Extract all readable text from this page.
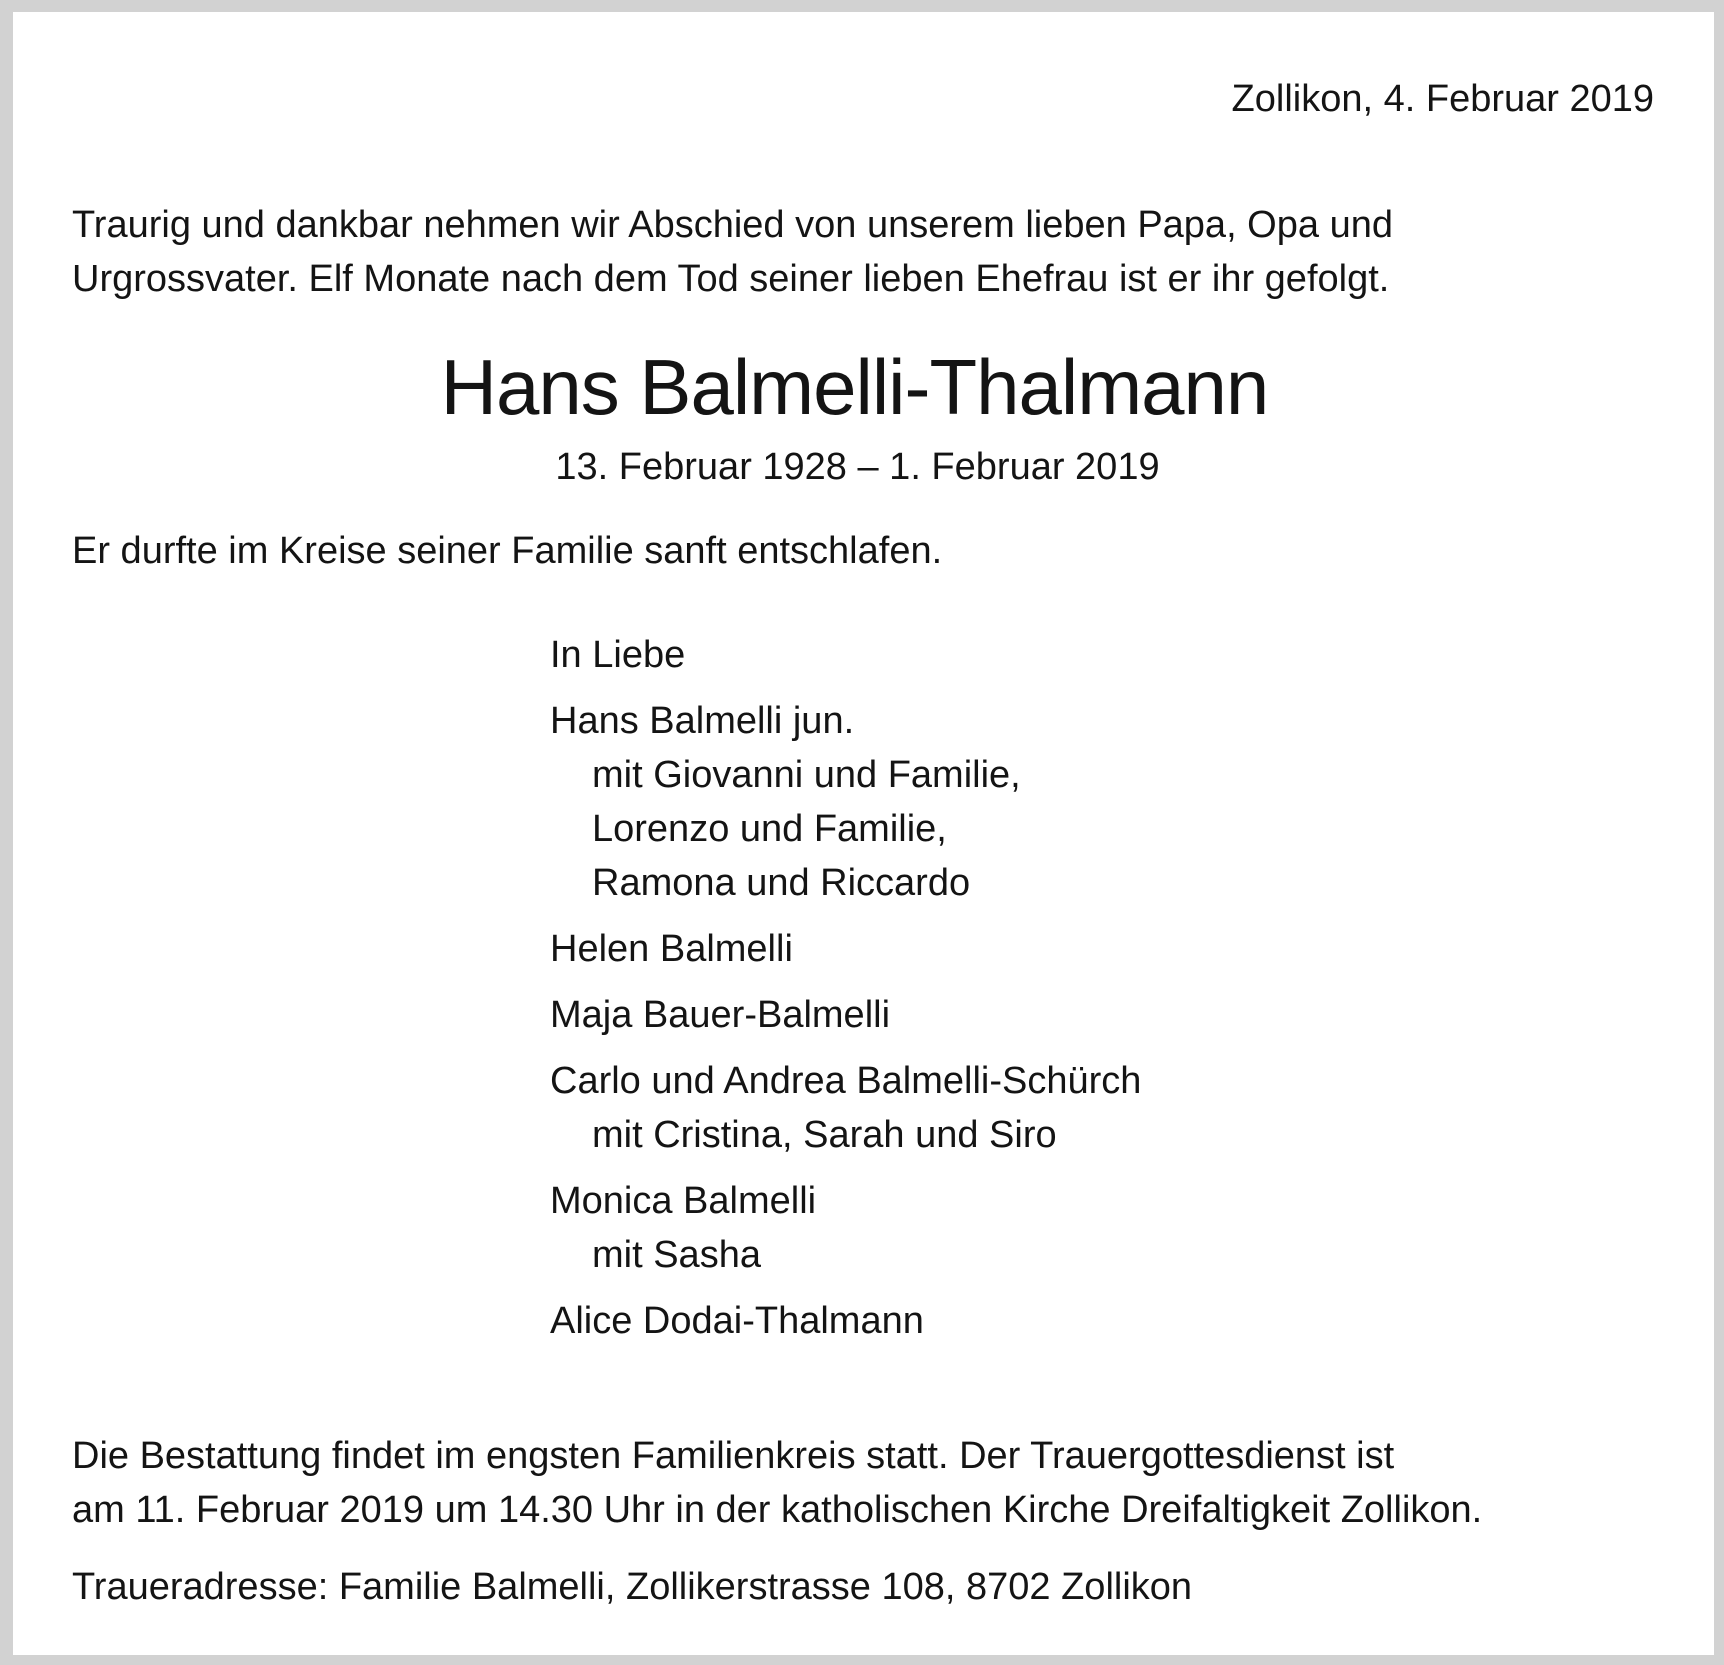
Zollikon, 4. Februar 2019
Traurig und dankbar nehmen wir Abschied von unserem lieben Papa, Opa und
Urgrossvater. Elf Monate nach dem Tod seiner lieben Ehefrau ist er ihr gefolgt.
Hans Balmelli-Thalmann
13. Februar 1928 – 1. Februar 2019
Er durfte im Kreise seiner Familie sanft entschlafen.
In Liebe
Hans Balmelli jun.
mit Giovanni und Familie,
Lorenzo und Familie,
Ramona und Riccardo
Helen Balmelli
Maja Bauer-Balmelli
Carlo und Andrea Balmelli-Schürch
mit Cristina, Sarah und Siro
Monica Balmelli
mit Sasha
Alice Dodai-Thalmann
Die Bestattung findet im engsten Familienkreis statt. Der Trauergottesdienst ist
am 11. Februar 2019 um 14.30 Uhr in der katholischen Kirche Dreifaltigkeit Zollikon.
Traueradresse: Familie Balmelli, Zollikerstrasse 108, 8702 Zollikon
